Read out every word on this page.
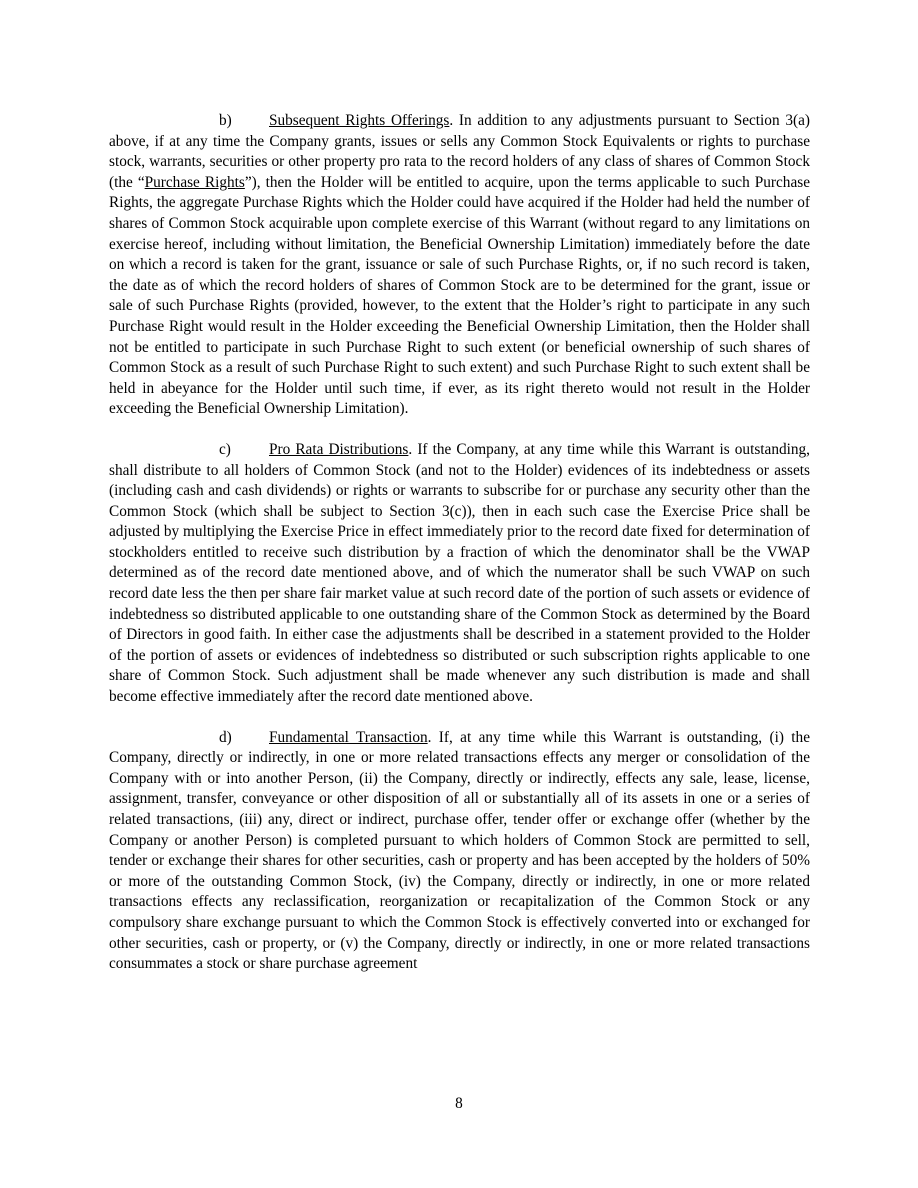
b) Subsequent Rights Offerings. In addition to any adjustments pursuant to Section 3(a) above, if at any time the Company grants, issues or sells any Common Stock Equivalents or rights to purchase stock, warrants, securities or other property pro rata to the record holders of any class of shares of Common Stock (the “Purchase Rights”), then the Holder will be entitled to acquire, upon the terms applicable to such Purchase Rights, the aggregate Purchase Rights which the Holder could have acquired if the Holder had held the number of shares of Common Stock acquirable upon complete exercise of this Warrant (without regard to any limitations on exercise hereof, including without limitation, the Beneficial Ownership Limitation) immediately before the date on which a record is taken for the grant, issuance or sale of such Purchase Rights, or, if no such record is taken, the date as of which the record holders of shares of Common Stock are to be determined for the grant, issue or sale of such Purchase Rights (provided, however, to the extent that the Holder’s right to participate in any such Purchase Right would result in the Holder exceeding the Beneficial Ownership Limitation, then the Holder shall not be entitled to participate in such Purchase Right to such extent (or beneficial ownership of such shares of Common Stock as a result of such Purchase Right to such extent) and such Purchase Right to such extent shall be held in abeyance for the Holder until such time, if ever, as its right thereto would not result in the Holder exceeding the Beneficial Ownership Limitation).

c) Pro Rata Distributions. If the Company, at any time while this Warrant is outstanding, shall distribute to all holders of Common Stock (and not to the Holder) evidences of its indebtedness or assets (including cash and cash dividends) or rights or warrants to subscribe for or purchase any security other than the Common Stock (which shall be subject to Section 3(c)), then in each such case the Exercise Price shall be adjusted by multiplying the Exercise Price in effect immediately prior to the record date fixed for determination of stockholders entitled to receive such distribution by a fraction of which the denominator shall be the VWAP determined as of the record date mentioned above, and of which the numerator shall be such VWAP on such record date less the then per share fair market value at such record date of the portion of such assets or evidence of indebtedness so distributed applicable to one outstanding share of the Common Stock as determined by the Board of Directors in good faith. In either case the adjustments shall be described in a statement provided to the Holder of the portion of assets or evidences of indebtedness so distributed or such subscription rights applicable to one share of Common Stock. Such adjustment shall be made whenever any such distribution is made and shall become effective immediately after the record date mentioned above.

d) Fundamental Transaction. If, at any time while this Warrant is outstanding, (i) the Company, directly or indirectly, in one or more related transactions effects any merger or consolidation of the Company with or into another Person, (ii) the Company, directly or indirectly, effects any sale, lease, license, assignment, transfer, conveyance or other disposition of all or substantially all of its assets in one or a series of related transactions, (iii) any, direct or indirect, purchase offer, tender offer or exchange offer (whether by the Company or another Person) is completed pursuant to which holders of Common Stock are permitted to sell, tender or exchange their shares for other securities, cash or property and has been accepted by the holders of 50% or more of the outstanding Common Stock, (iv) the Company, directly or indirectly, in one or more related transactions effects any reclassification, reorganization or recapitalization of the Common Stock or any compulsory share exchange pursuant to which the Common Stock is effectively converted into or exchanged for other securities, cash or property, or (v) the Company, directly or indirectly, in one or more related transactions consummates a stock or share purchase agreement

8
